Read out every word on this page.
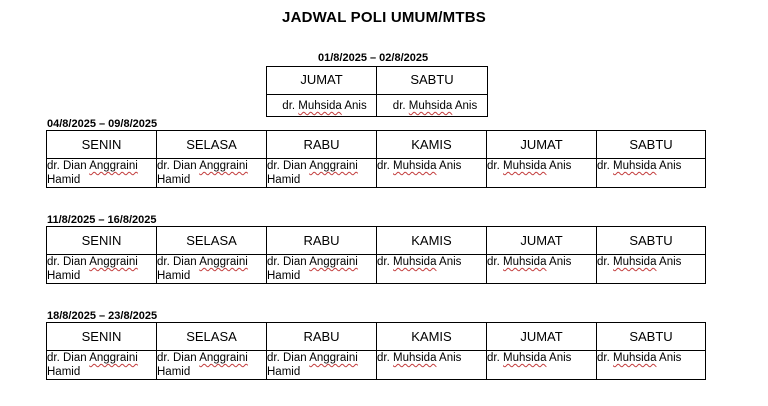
JADWAL POLI UMUM/MTBS
01/8/2025 – 02/8/2025
JUMAT	SABTU
dr. Muhsida Anis	dr. Muhsida Anis
04/8/2025 – 09/8/2025
SENIN	SELASA	RABU	KAMIS	JUMAT	SABTU
dr. Dian Anggraini
Hamid	dr. Dian Anggraini
Hamid	dr. Dian Anggraini
Hamid	dr. Muhsida Anis	dr. Muhsida Anis	dr. Muhsida Anis
11/8/2025 – 16/8/2025
SENIN	SELASA	RABU	KAMIS	JUMAT	SABTU
dr. Dian Anggraini
Hamid	dr. Dian Anggraini
Hamid	dr. Dian Anggraini
Hamid	dr. Muhsida Anis	dr. Muhsida Anis	dr. Muhsida Anis
18/8/2025 – 23/8/2025
SENIN	SELASA	RABU	KAMIS	JUMAT	SABTU
dr. Dian Anggraini
Hamid	dr. Dian Anggraini
Hamid	dr. Dian Anggraini
Hamid	dr. Muhsida Anis	dr. Muhsida Anis	dr. Muhsida Anis
